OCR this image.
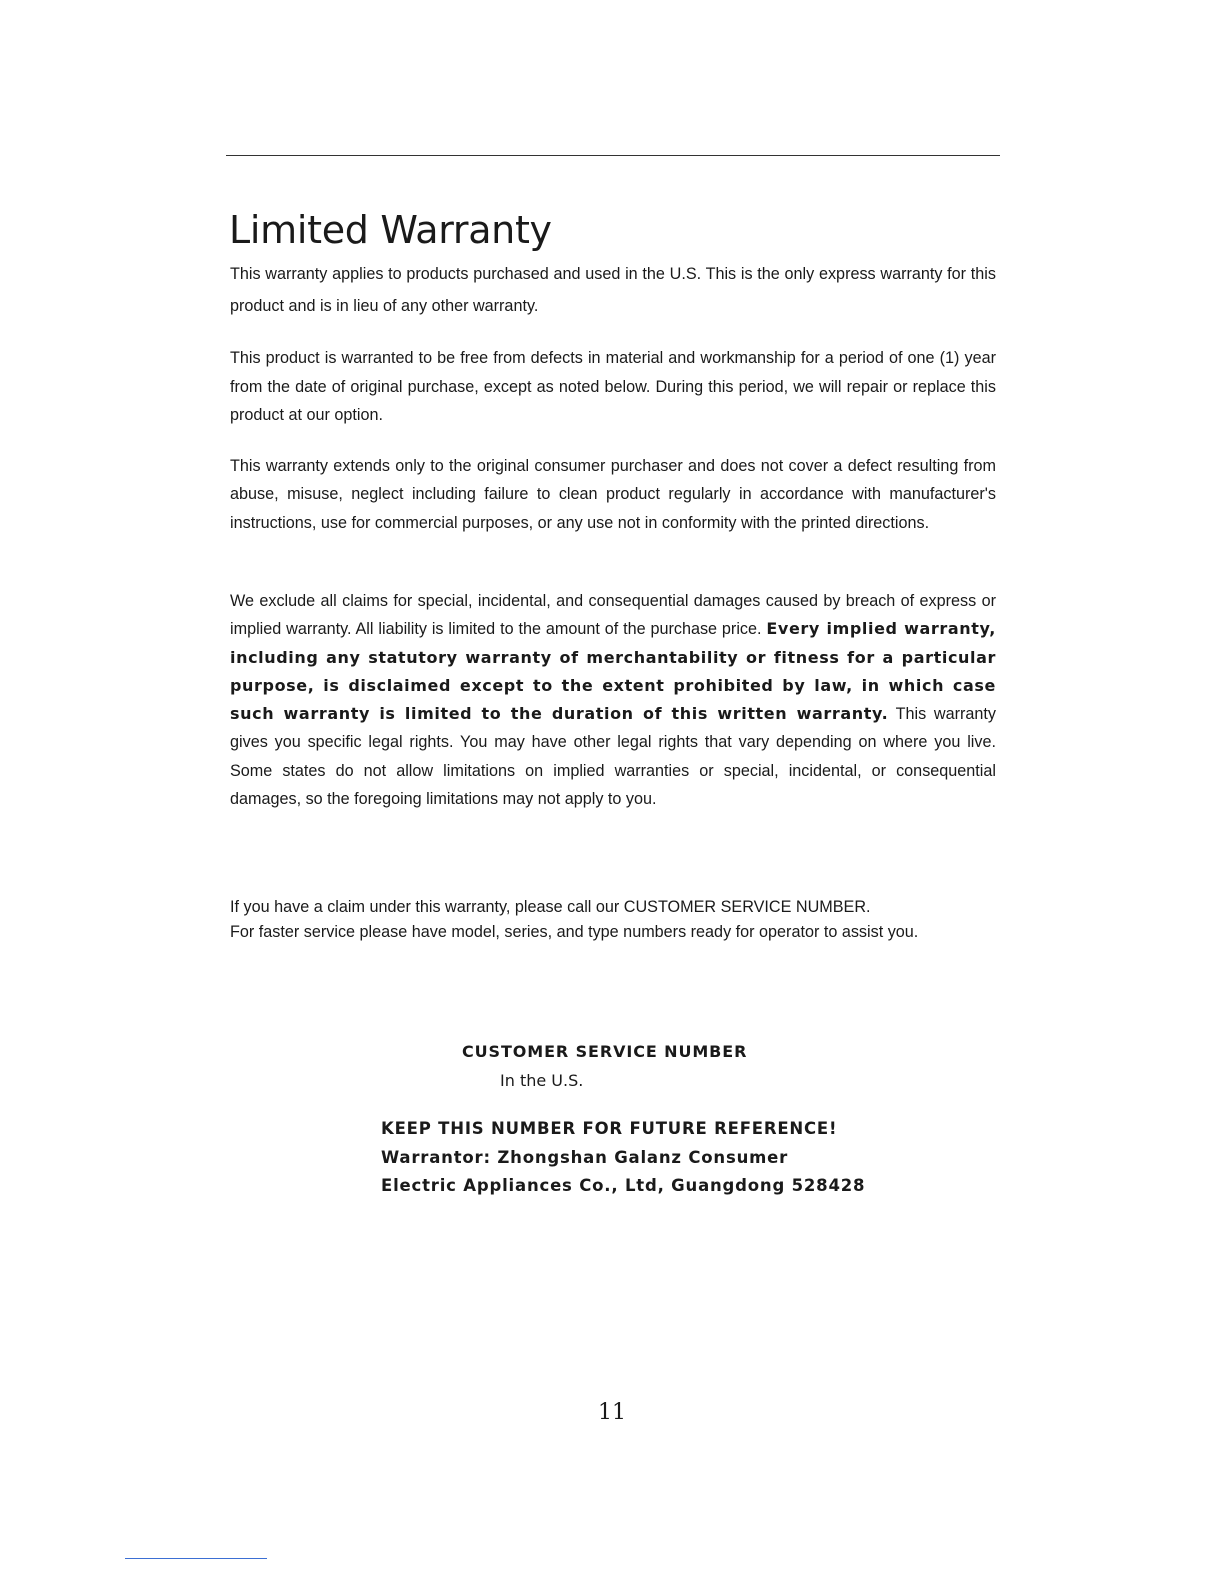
Limited Warranty

This warranty applies to products purchased and used in the U.S. This is the only express warranty for this product and is in lieu of any other warranty.

This product is warranted to be free from defects in material and workmanship for a period of one (1) year from the date of original purchase, except as noted below. During this period, we will repair or replace this product at our option.

This warranty extends only to the original consumer purchaser and does not cover a defect resulting from abuse, misuse, neglect including failure to clean product regularly in accordance with manufacturer's instructions, use for commercial purposes, or any use not in conformity with the printed directions.

We exclude all claims for special, incidental, and consequential damages caused by breach of express or implied warranty. All liability is limited to the amount of the purchase price. Every implied warranty, including any statutory warranty of merchantability or fitness for a particular purpose, is disclaimed except to the extent prohibited by law, in which case such warranty is limited to the duration of this written warranty. This warranty gives you specific legal rights. You may have other legal rights that vary depending on where you live. Some states do not allow limitations on implied warranties or special, incidental, or consequential damages, so the foregoing limitations may not apply to you.

If you have a claim under this warranty, please call our CUSTOMER SERVICE NUMBER.
For faster service please have model, series, and type numbers ready for operator to assist you.

CUSTOMER SERVICE NUMBER
In the U.S.

KEEP THIS NUMBER FOR FUTURE REFERENCE!
Warrantor: Zhongshan Galanz Consumer
Electric Appliances Co., Ltd, Guangdong 528428

11
